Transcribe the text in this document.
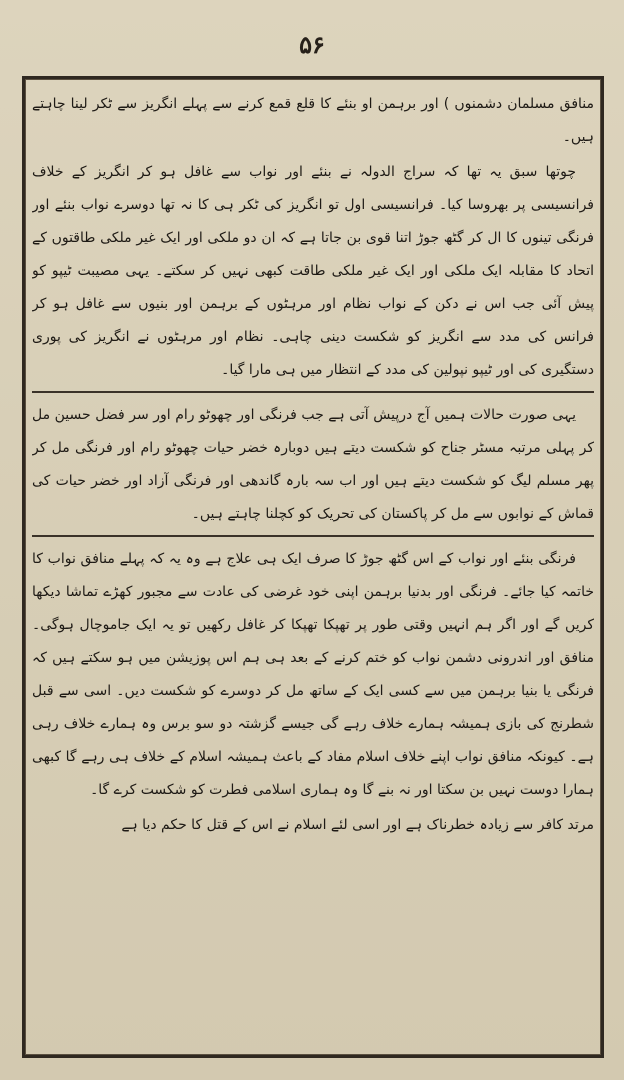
۵۶

منافق مسلمان دشمنوں ) اور برہمن او بنئے کا قلع قمع کرنے سے پہلے انگریز سے ٹکر لینا چاہتے ہیں۔

چوتھا سبق یہ تھا کہ سراج الدولہ نے بنئے اور نواب سے غافل ہو کر انگریز کے خلاف فرانسیسی پر بھروسا کیا۔ فرانسیسی اول تو انگریز کی ٹکر ہی کا نہ تھا دوسرے نواب بنئے اور فرنگی تینوں کا ال کر گٹھ جوڑ اتنا قوی بن جاتا ہے کہ ان دو ملکی اور ایک غیر ملکی طاقتوں کے اتحاد کا مقابلہ ایک ملکی اور ایک غیر ملکی طاقت کبھی نہیں کر سکتے۔ یہی مصیبت ٹیپو کو پیش آئی جب اس نے دکن کے نواب نظام اور مرہٹوں کے برہمن اور بنیوں سے غافل ہو کر فرانس کی مدد سے انگریز کو شکست دینی چاہی۔ نظام اور مرہٹوں نے انگریز کی پوری دستگیری کی اور ٹیپو نپولین کی مدد کے انتظار میں ہی مارا گیا۔

یہی صورت حالات ہمیں آج درپیش آتی ہے جب فرنگی اور چھوٹو رام اور سر فضل حسین مل کر پہلی مرتبہ مسٹر جناح کو شکست دیتے ہیں دوبارہ خضر حیات چھوٹو رام اور فرنگی مل کر پھر مسلم لیگ کو شکست دیتے ہیں اور اب سہ بارہ گاندھی اور فرنگی آزاد اور خضر حیات کی قماش کے نوابوں سے مل کر پاکستان کی تحریک کو کچلنا چاہتے ہیں۔

فرنگی بنئے اور نواب کے اس گٹھ جوڑ کا صرف ایک ہی علاج ہے وہ یہ کہ پہلے منافق نواب کا خاتمہ کیا جائے۔ فرنگی اور بدنیا برہمن اپنی خود غرضی کی عادت سے مجبور کھڑے تماشا دیکھا کریں گے اور اگر ہم انہیں وقتی طور پر تھپکا تھپکا کر غافل رکھیں تو یہ ایک جاموچال ہوگی۔ منافق اور اندرونی دشمن نواب کو ختم کرنے کے بعد ہی ہم اس پوزیشن میں ہو سکتے ہیں کہ فرنگی یا بنیا برہمن میں سے کسی ایک کے ساتھ مل کر دوسرے کو شکست دیں۔ اسی سے قبل شطرنج کی بازی ہمیشہ ہمارے خلاف رہے گی جیسے گزشتہ دو سو برس وہ ہمارے خلاف رہی ہے۔ کیونکہ منافق نواب اپنے خلاف اسلام مفاد کے باعث ہمیشہ اسلام کے خلاف ہی رہے گا کبھی ہمارا دوست نہیں بن سکتا اور نہ بنے گا وہ ہماری اسلامی فطرت کو شکست کرے گا۔

مرتد کافر سے زیادہ خطرناک ہے اور اسی لئے اسلام نے اس کے قتل کا حکم دیا ہے
